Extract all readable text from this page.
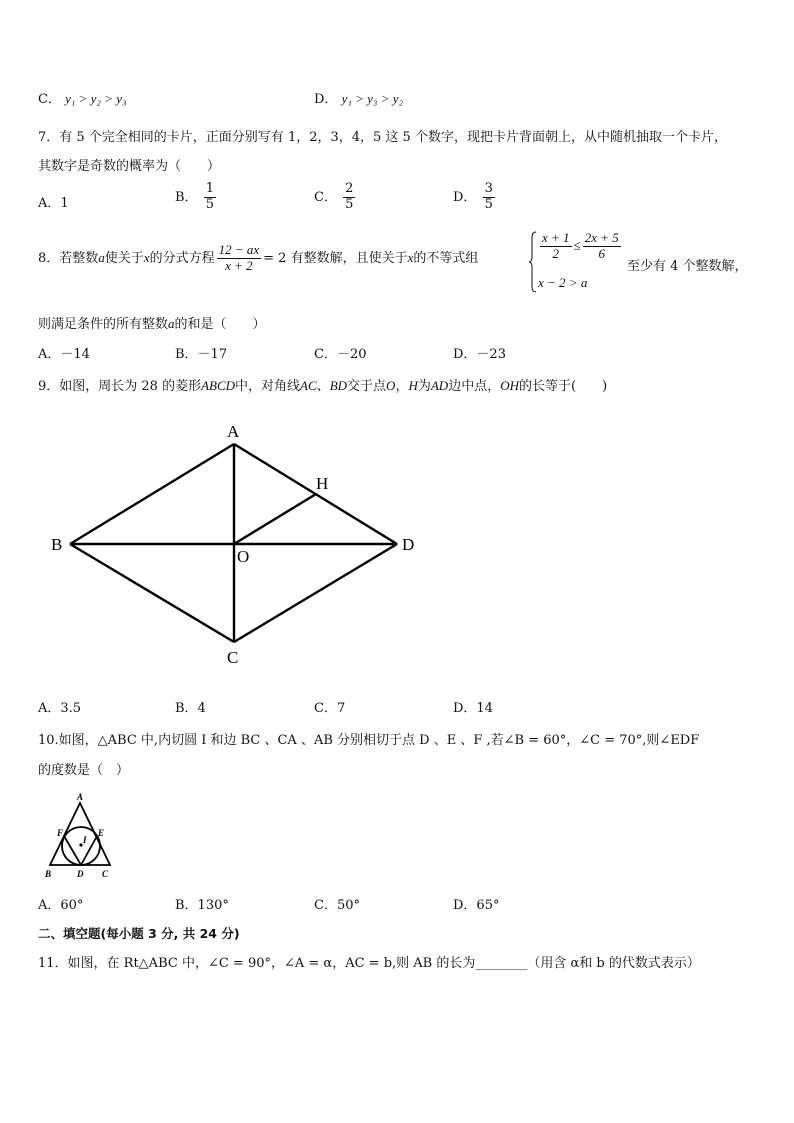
C． y₁ > y₂ > y₃	D． y₁ > y₃ > y₂
7．有 5 个完全相同的卡片，正面分别写有 1，2，3，4，5 这 5 个数字，现把卡片背面朝上，从中随机抽取一个卡片，
其数字是奇数的概率为（　　）
A．1	B． $\frac{1}{5}$	C． $\frac{2}{5}$	D． $\frac{3}{5}$
8．若整数a使关于x的分式方程 $\frac{12 - ax}{x + 2} = 2$ 有整数解，且使关于x的不等式组	$\frac{x + 1}{2} \le \frac{2x + 5}{6}$
x − 2 > a
至少有 4 个整数解，
则满足条件的所有整数a的和是（　　）
A．－14	B．－17	C．－20	D．－23
9．如图，周长为 28 的菱形ABCD中，对角线AC、BD交于点O，H为AD边中点，OH的长等于(　　)
A
B
C
D
H
O
A．3.5	B．4	C．7	D．14
10.如图，△ABC 中,内切圆 I 和边 BC 、CA 、AB 分别相切于点 D 、E 、F ,若∠B = 60°，∠C = 70°,则∠EDF
的度数是（　）
A
B	C
D
E
F
I
A．60°	B．130°	C．50°	D．65°
二、填空题(每小题 3 分, 共 24 分)
11．如图，在 Rt△ABC 中，∠C = 90°，∠A = α，AC = b,则 AB 的长为________（用含 α和 b 的代数式表示）
